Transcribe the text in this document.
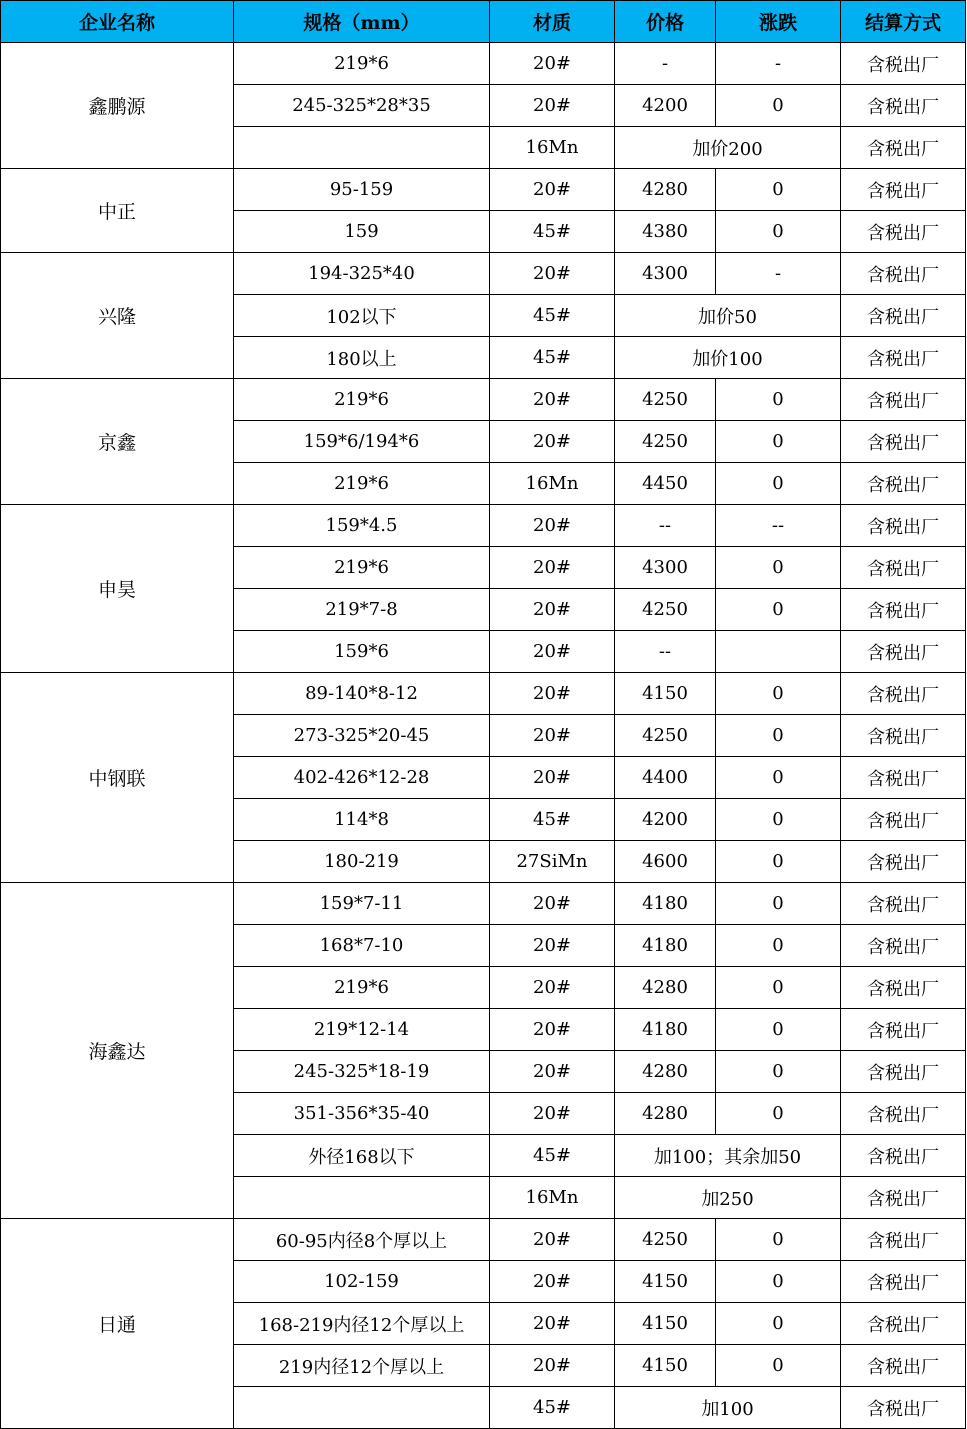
企业名称	规格（mm）	材质	价格	涨跌	结算方式
鑫鹏源	219*6	20#	-	-	含税出厂
	245-325*28*35	20#	4200	0	含税出厂
		16Mn	加价200		含税出厂
中正	95-159	20#	4280	0	含税出厂
	159	45#	4380	0	含税出厂
兴隆	194-325*40	20#	4300	-	含税出厂
	102以下	45#	加价50		含税出厂
	180以上	45#	加价100		含税出厂
京鑫	219*6	20#	4250	0	含税出厂
	159*6/194*6	20#	4250	0	含税出厂
	219*6	16Mn	4450	0	含税出厂
申昊	159*4.5	20#	--	--	含税出厂
	219*6	20#	4300	0	含税出厂
	219*7-8	20#	4250	0	含税出厂
	159*6	20#	--		含税出厂
中钢联	89-140*8-12	20#	4150	0	含税出厂
	273-325*20-45	20#	4250	0	含税出厂
	402-426*12-28	20#	4400	0	含税出厂
	114*8	45#	4200	0	含税出厂
	180-219	27SiMn	4600	0	含税出厂
海鑫达	159*7-11	20#	4180	0	含税出厂
	168*7-10	20#	4180	0	含税出厂
	219*6	20#	4280	0	含税出厂
	219*12-14	20#	4180	0	含税出厂
	245-325*18-19	20#	4280	0	含税出厂
	351-356*35-40	20#	4280	0	含税出厂
	外径168以下	45#	加100；其余加50		含税出厂
		16Mn	加250		含税出厂
日通	60-95内径8个厚以上	20#	4250	0	含税出厂
	102-159	20#	4150	0	含税出厂
	168-219内径12个厚以上	20#	4150	0	含税出厂
	219内径12个厚以上	20#	4150	0	含税出厂
		45#	加100		含税出厂
